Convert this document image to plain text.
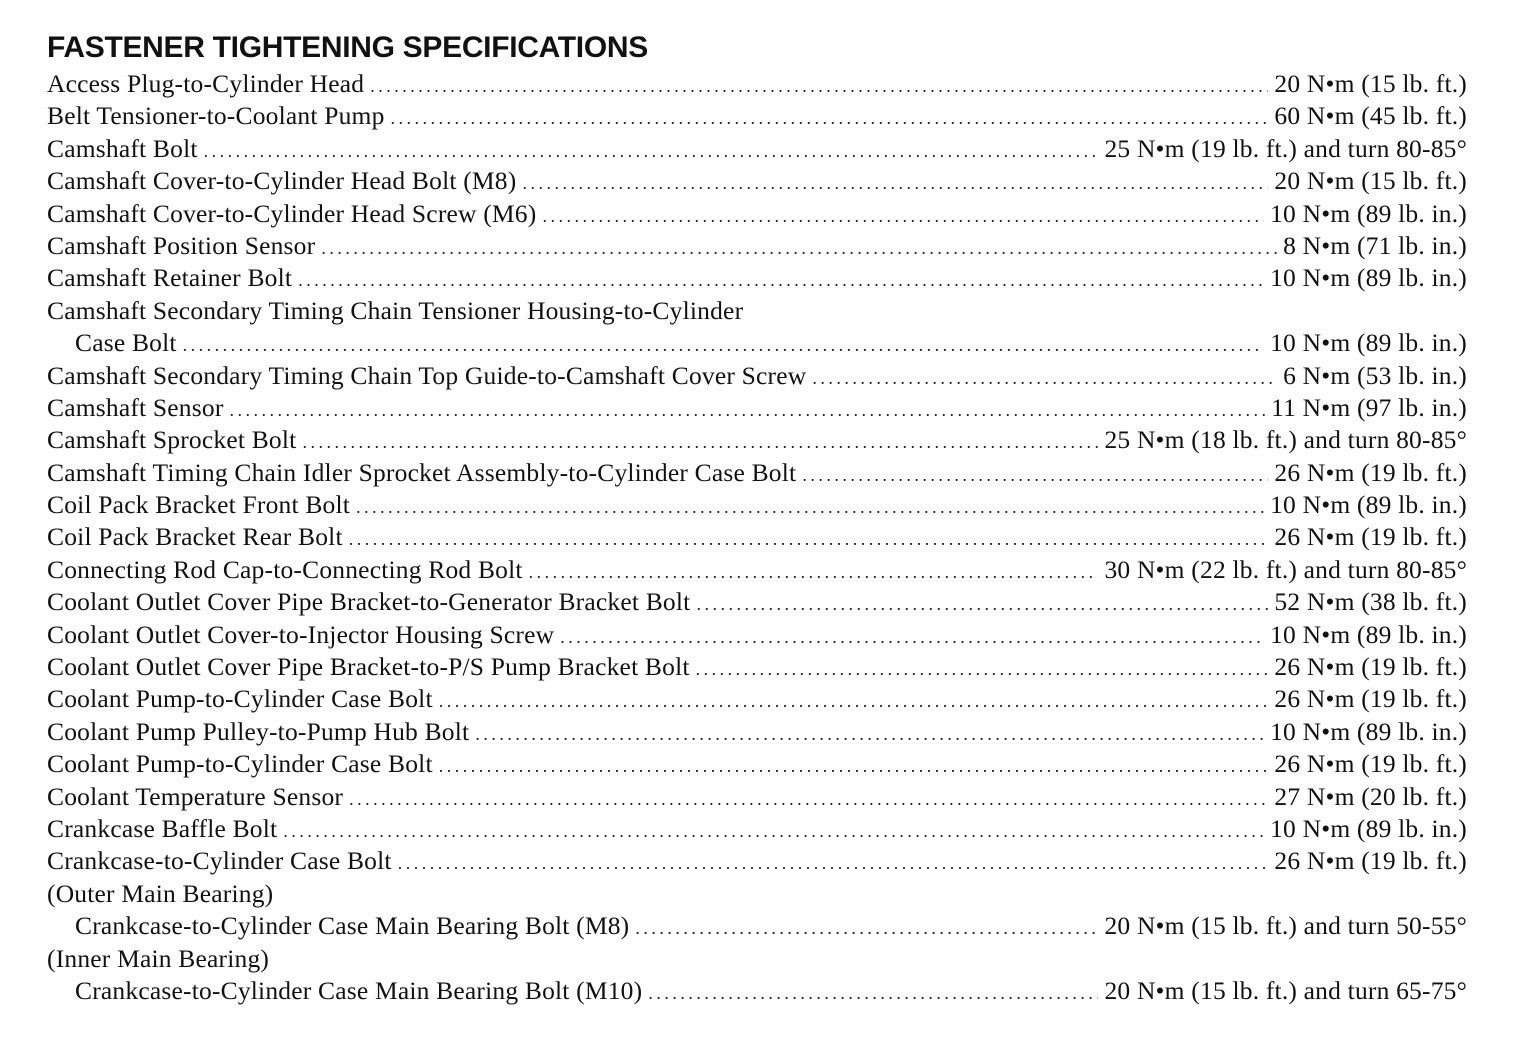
FASTENER TIGHTENING SPECIFICATIONS
Access Plug-to-Cylinder Head . . .	20 N•m (15 lb. ft.)
Belt Tensioner-to-Coolant Pump . . .	60 N•m (45 lb. ft.)
Camshaft Bolt . . .	25 N•m (19 lb. ft.) and turn 80-85°
Camshaft Cover-to-Cylinder Head Bolt (M8) . . .	20 N•m (15 lb. ft.)
Camshaft Cover-to-Cylinder Head Screw (M6) . . .	10 N•m (89 lb. in.)
Camshaft Position Sensor . . .	8 N•m (71 lb. in.)
Camshaft Retainer Bolt . . .	10 N•m (89 lb. in.)
Camshaft Secondary Timing Chain Tensioner Housing-to-Cylinder
Case Bolt . . .	10 N•m (89 lb. in.)
Camshaft Secondary Timing Chain Top Guide-to-Camshaft Cover Screw . . .	6 N•m (53 lb. in.)
Camshaft Sensor . . .	11 N•m (97 lb. in.)
Camshaft Sprocket Bolt . . .	25 N•m (18 lb. ft.) and turn 80-85°
Camshaft Timing Chain Idler Sprocket Assembly-to-Cylinder Case Bolt . . .	26 N•m (19 lb. ft.)
Coil Pack Bracket Front Bolt . . .	10 N•m (89 lb. in.)
Coil Pack Bracket Rear Bolt . . .	26 N•m (19 lb. ft.)
Connecting Rod Cap-to-Connecting Rod Bolt . . .	30 N•m (22 lb. ft.) and turn 80-85°
Coolant Outlet Cover Pipe Bracket-to-Generator Bracket Bolt . . .	52 N•m (38 lb. ft.)
Coolant Outlet Cover-to-Injector Housing Screw . . .	10 N•m (89 lb. in.)
Coolant Outlet Cover Pipe Bracket-to-P/S Pump Bracket Bolt . . .	26 N•m (19 lb. ft.)
Coolant Pump-to-Cylinder Case Bolt . . .	26 N•m (19 lb. ft.)
Coolant Pump Pulley-to-Pump Hub Bolt . . .	10 N•m (89 lb. in.)
Coolant Pump-to-Cylinder Case Bolt . . .	26 N•m (19 lb. ft.)
Coolant Temperature Sensor . . .	27 N•m (20 lb. ft.)
Crankcase Baffle Bolt . . .	10 N•m (89 lb. in.)
Crankcase-to-Cylinder Case Bolt . . .	26 N•m (19 lb. ft.)
(Outer Main Bearing)
Crankcase-to-Cylinder Case Main Bearing Bolt (M8) . . .	20 N•m (15 lb. ft.) and turn 50-55°
(Inner Main Bearing)
Crankcase-to-Cylinder Case Main Bearing Bolt (M10) . . .	20 N•m (15 lb. ft.) and turn 65-75°
